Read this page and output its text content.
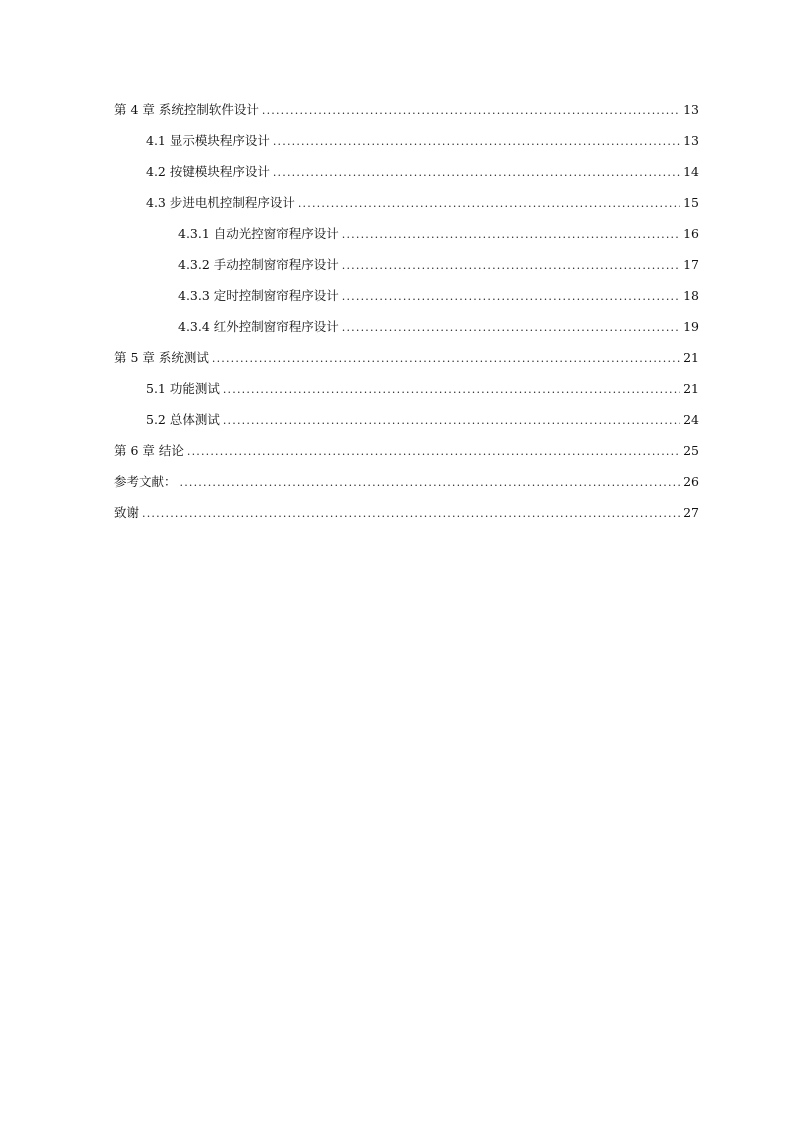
第 4 章 系统控制软件设计 .....	13
4.1 显示模块程序设计 .....	13
4.2 按键模块程序设计 .....	14
4.3 步进电机控制程序设计 .....	15
4.3.1 自动光控窗帘程序设计 .....	16
4.3.2 手动控制窗帘程序设计 .....	17
4.3.3 定时控制窗帘程序设计 .....	18
4.3.4 红外控制窗帘程序设计 .....	19
第 5 章 系统测试 .....	21
5.1 功能测试 .....	21
5.2 总体测试 .....	24
第 6 章 结论 .....	25
参考文献： .....	26
致谢 .....	27
